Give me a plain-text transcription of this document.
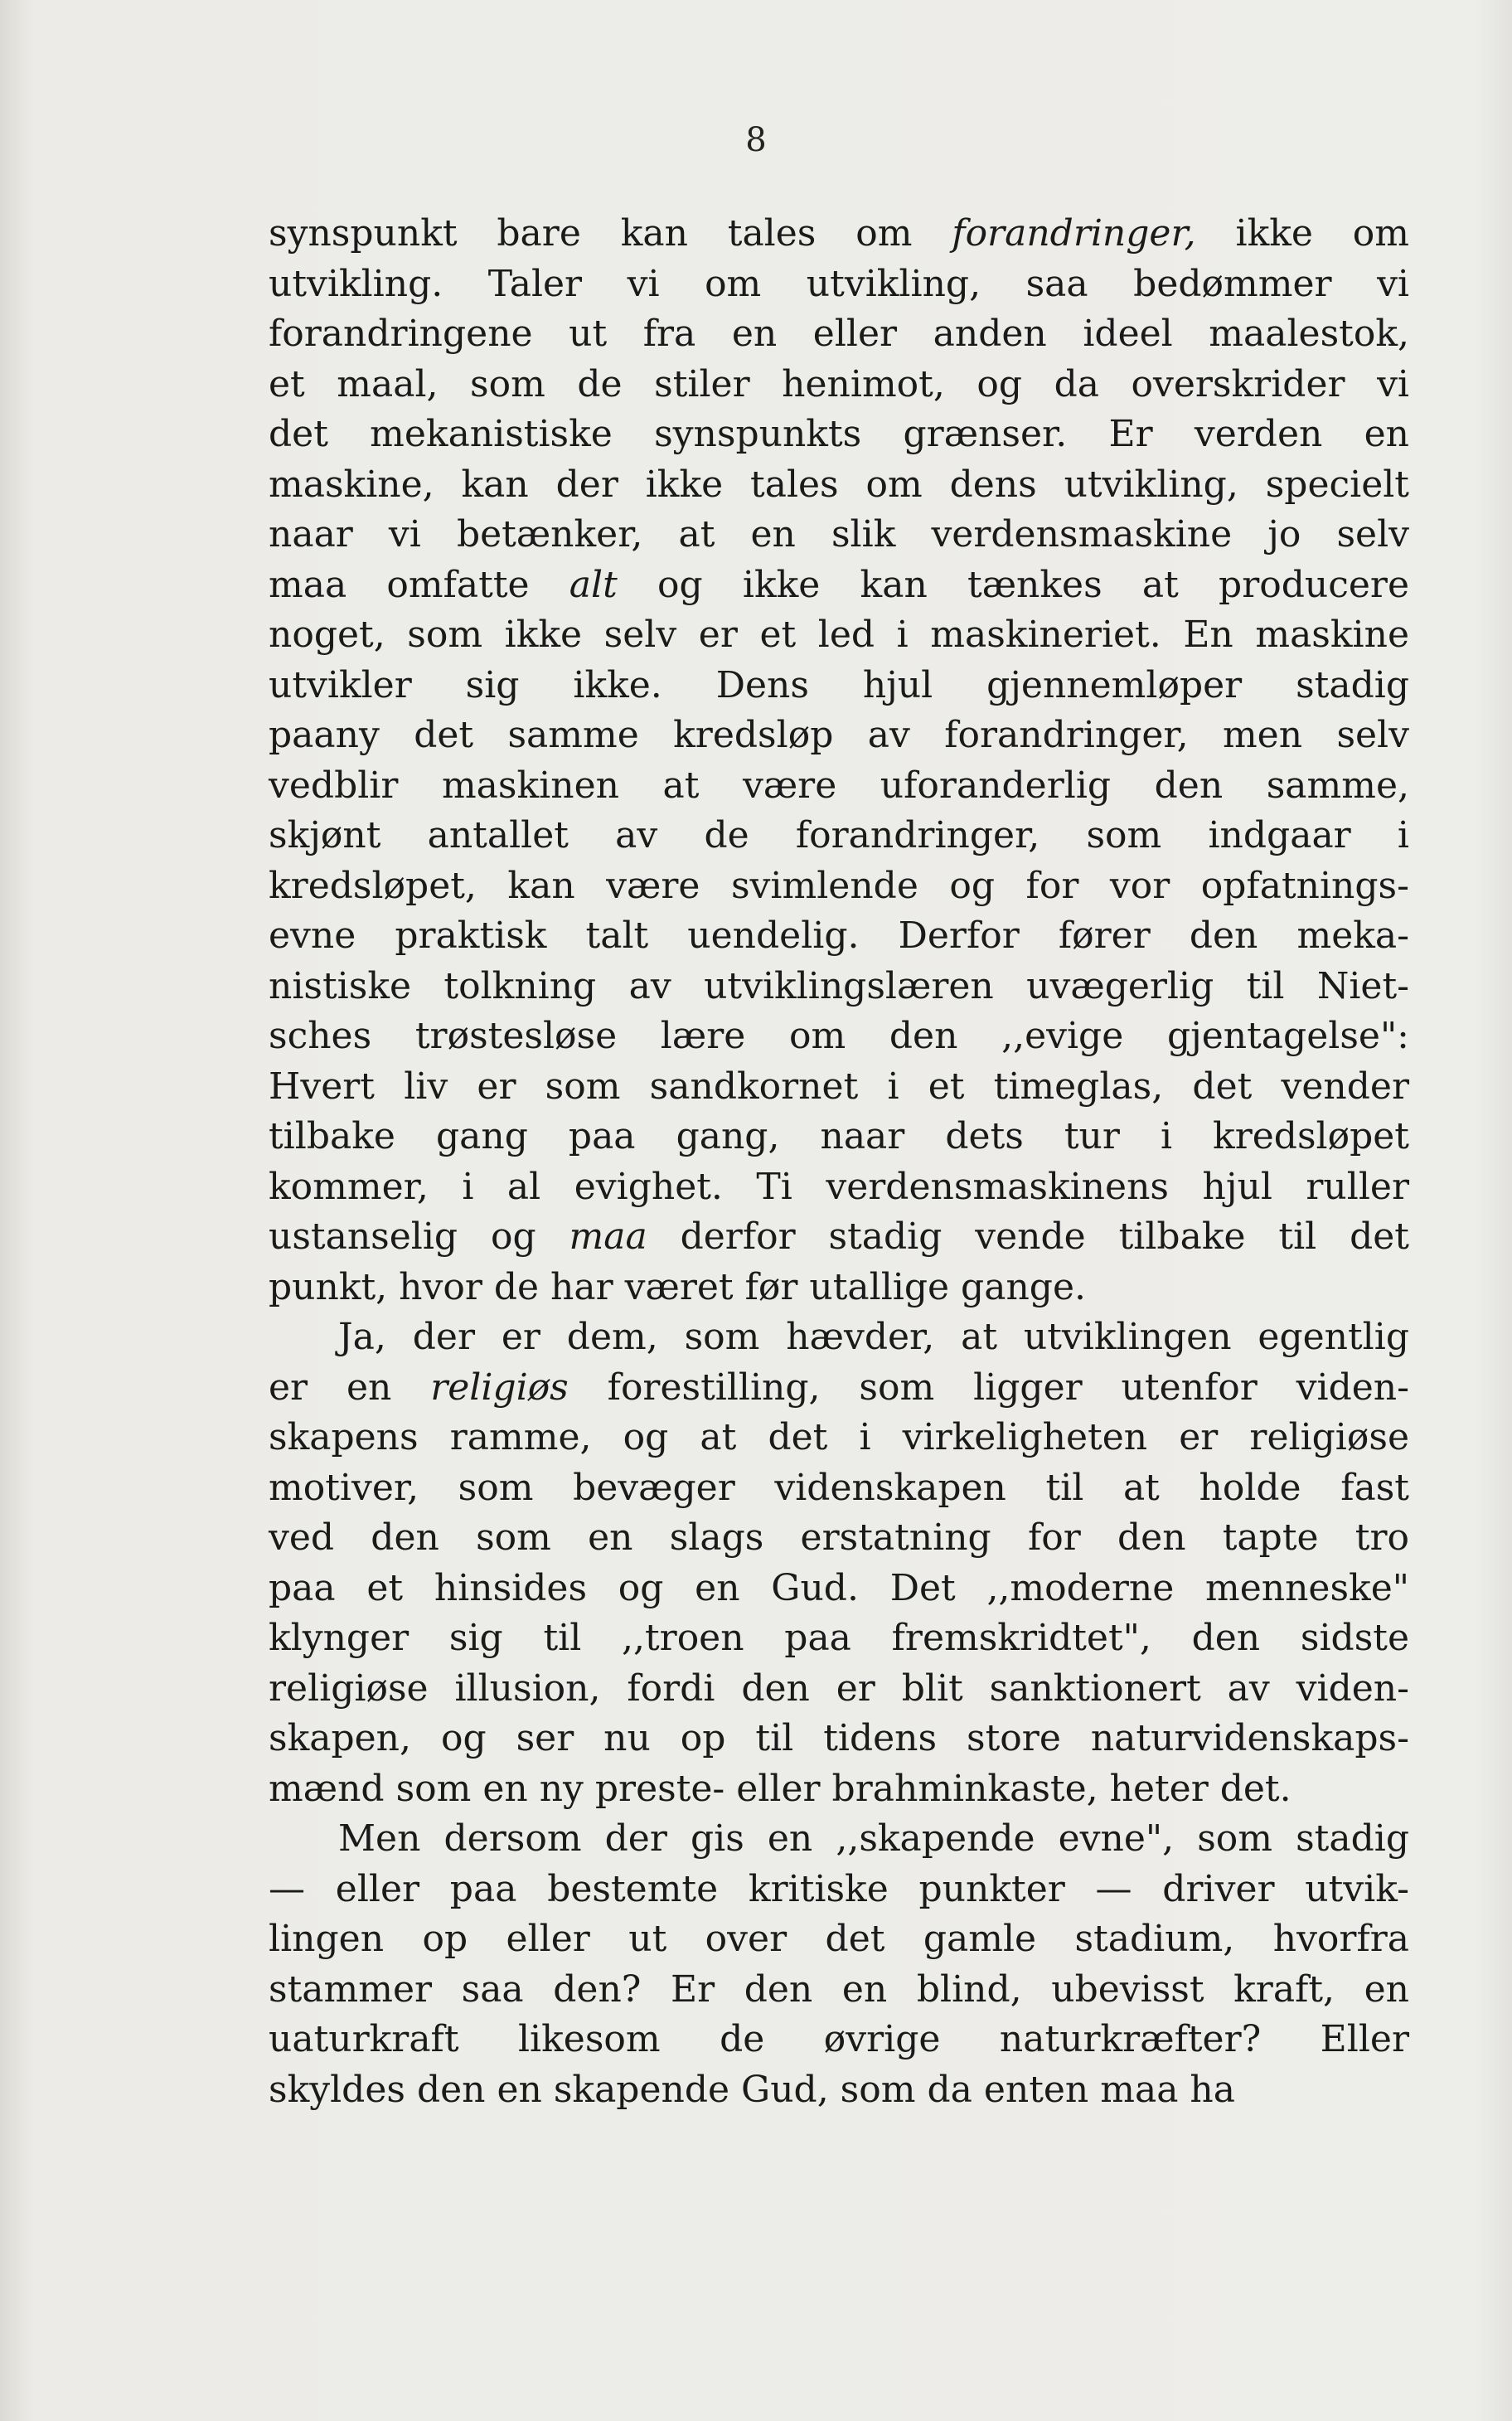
8
synspunkt bare kan tales om forandringer, ikke om
utvikling. Taler vi om utvikling, saa bedømmer vi
forandringene ut fra en eller anden ideel maalestok,
et maal, som de stiler henimot, og da overskrider vi
det mekanistiske synspunkts grænser. Er verden en
maskine, kan der ikke tales om dens utvikling, specielt
naar vi betænker, at en slik verdensmaskine jo selv
maa omfatte alt og ikke kan tænkes at producere
noget, som ikke selv er et led i maskineriet. En maskine
utvikler sig ikke. Dens hjul gjennemløper stadig
paany det samme kredsløp av forandringer, men selv
vedblir maskinen at være uforanderlig den samme,
skjønt antallet av de forandringer, som indgaar i
kredsløpet, kan være svimlende og for vor opfatnings-
evne praktisk talt uendelig. Derfor fører den meka-
nistiske tolkning av utviklingslæren uvægerlig til Niet-
sches trøstesløse lære om den ,,evige gjentagelse":
Hvert liv er som sandkornet i et timeglas, det vender
tilbake gang paa gang, naar dets tur i kredsløpet
kommer, i al evighet. Ti verdensmaskinens hjul ruller
ustanselig og maa derfor stadig vende tilbake til det
punkt, hvor de har været før utallige gange.
Ja, der er dem, som hævder, at utviklingen egentlig
er en religiøs forestilling, som ligger utenfor viden-
skapens ramme, og at det i virkeligheten er religiøse
motiver, som bevæger videnskapen til at holde fast
ved den som en slags erstatning for den tapte tro
paa et hinsides og en Gud. Det ,,moderne menneske"
klynger sig til ,,troen paa fremskridtet", den sidste
religiøse illusion, fordi den er blit sanktionert av viden-
skapen, og ser nu op til tidens store naturvidenskaps-
mænd som en ny preste- eller brahminkaste, heter det.
Men dersom der gis en ,,skapende evne", som stadig
— eller paa bestemte kritiske punkter — driver utvik-
lingen op eller ut over det gamle stadium, hvorfra
stammer saa den? Er den en blind, ubevisst kraft, en
uaturkraft likesom de øvrige naturkræfter? Eller
skyldes den en skapende Gud, som da enten maa ha
